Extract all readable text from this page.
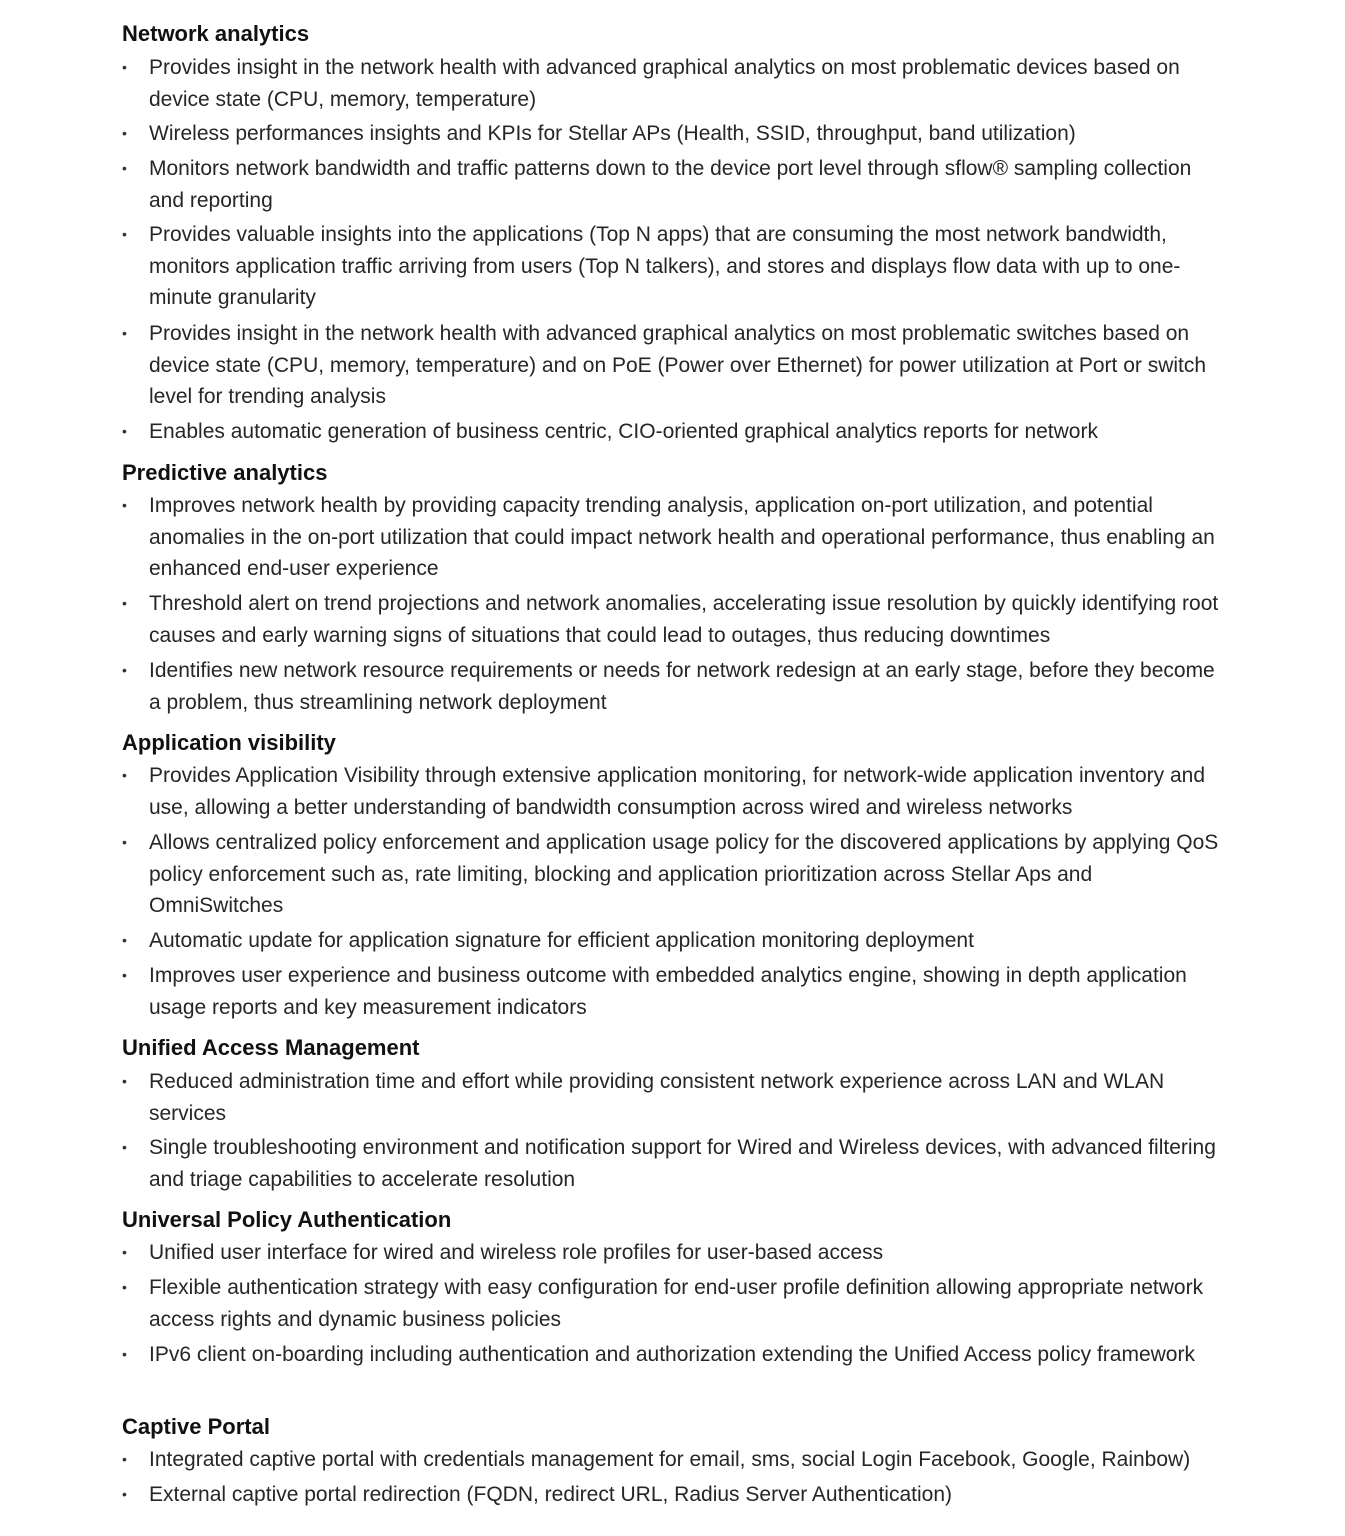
Network analytics
•	Provides insight in the network health with advanced graphical analytics on most problematic devices based on device state (CPU, memory, temperature)
•	Wireless performances insights and KPIs for Stellar APs (Health, SSID, throughput, band utilization)
•	Monitors network bandwidth and traffic patterns down to the device port level through sflow® sampling collection and reporting
•	Provides valuable insights into the applications (Top N apps) that are consuming the most network bandwidth, monitors application traffic arriving from users (Top N talkers), and stores and displays flow data with up to one-minute granularity
•	Provides insight in the network health with advanced graphical analytics on most problematic switches based on device state (CPU, memory, temperature) and on PoE (Power over Ethernet) for power utilization at Port or switch level for trending analysis
•	Enables automatic generation of business centric, CIO-oriented graphical analytics reports for network
Predictive analytics
•	Improves network health by providing capacity trending analysis, application on-port utilization, and potential anomalies in the on-port utilization that could impact network health and operational performance, thus enabling an enhanced end-user experience
•	Threshold alert on trend projections and network anomalies, accelerating issue resolution by quickly identifying root causes and early warning signs of situations that could lead to outages, thus reducing downtimes
•	Identifies new network resource requirements or needs for network redesign at an early stage, before they become a problem, thus streamlining network deployment
Application visibility
•	Provides Application Visibility through extensive application monitoring, for network-wide application inventory and use, allowing a better understanding of bandwidth consumption across wired and wireless networks
•	Allows centralized policy enforcement and application usage policy for the discovered applications by applying QoS policy enforcement such as, rate limiting, blocking and application prioritization across Stellar Aps and OmniSwitches
•	Automatic update for application signature for efficient application monitoring deployment
•	Improves user experience and business outcome with embedded analytics engine, showing in depth application usage reports and key measurement indicators
Unified Access Management
•	Reduced administration time and effort while providing consistent network experience across LAN and WLAN services
•	Single troubleshooting environment and notification support for Wired and Wireless devices, with advanced filtering and triage capabilities to accelerate resolution
Universal Policy Authentication
•	Unified user interface for wired and wireless role profiles for user-based access
•	Flexible authentication strategy with easy configuration for end-user profile definition allowing appropriate network access rights and dynamic business policies
•	IPv6 client on-boarding including authentication and authorization extending the Unified Access policy framework
Captive Portal
•	Integrated captive portal with credentials management for email, sms, social Login Facebook, Google, Rainbow)
•	External captive portal redirection (FQDN, redirect URL, Radius Server Authentication)
